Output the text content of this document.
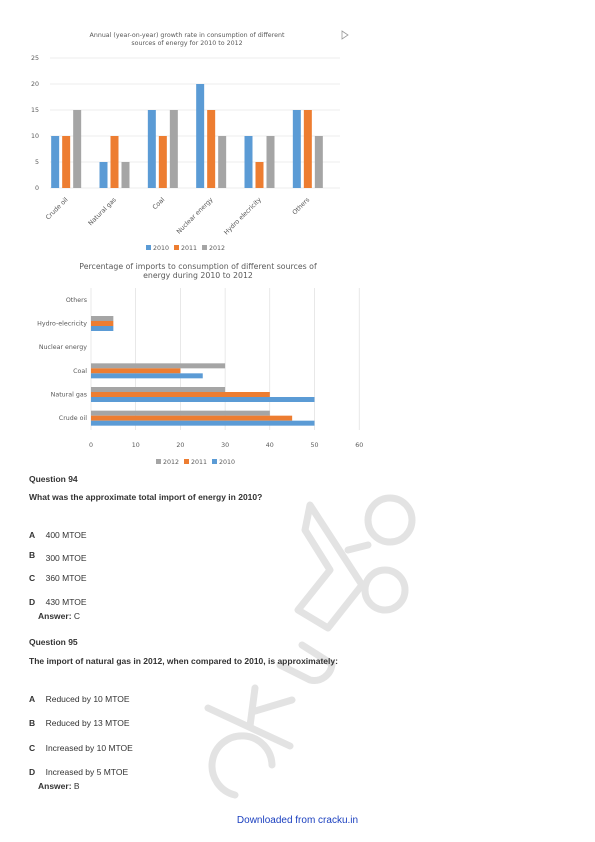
Annual (year-on-year) growth rate in consumption of different
sources of energy for 2010 to 2012
0
5
10
15
20
25
Crude oil	Natural gas	Coal Nuclear energy Hydro elecricity	Others
2010 2011 2012
Percentage of imports to consumption of different sources of
energy during 2010 to 2012
Crude oil
Natural gas
Coal
Nuclear energy
Hydro-elecricity
Others
0	10	20	30	40	50	60
2012 2011 2010
Question 94
What was the approximate total import of energy in 2010?
A 400 MTOE
B 300 MTOE
C 360 MTOE
D 430 MTOE
Answer: C
Question 95
The import of natural gas in 2012, when compared to 2010, is approximately:
A Reduced by 10 MTOE
B Reduced by 13 MTOE
C Increased by 10 MTOE
D Increased by 5 MTOE
Answer: B
Downloaded from cracku.in
